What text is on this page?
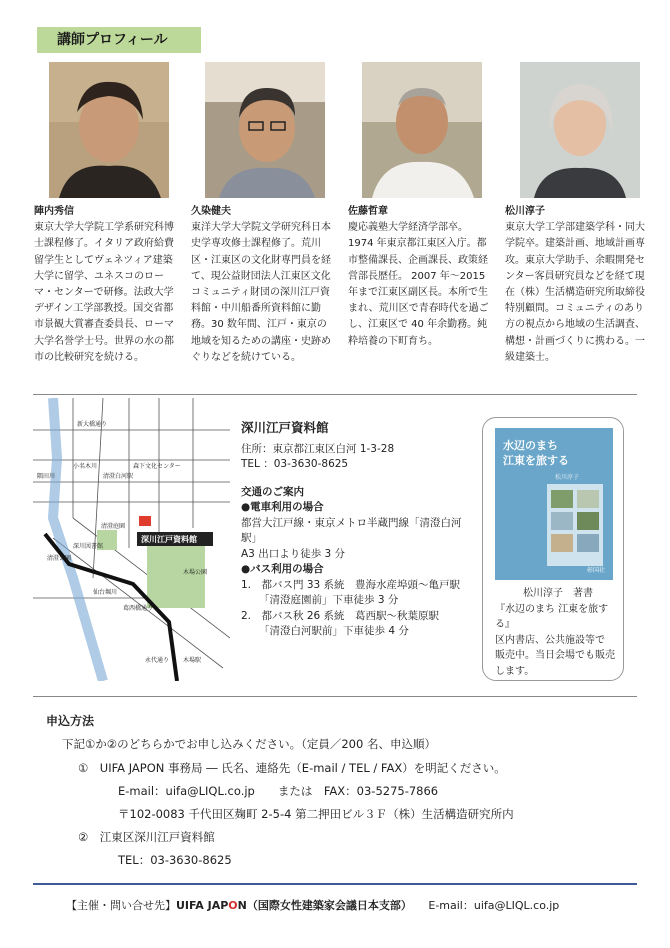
講師プロフィール
陣内秀信
東京大学大学院工学系研究科博士課程修了。イタリア政府給費留学生としてヴェネツィア建築大学に留学、ユネスコのローマ・センターで研修。法政大学デザイン工学部教授。国交省都市景観大賞審査委員長、ローマ大学名誉学士号。世界の水の都市の比較研究を続ける。
久染健夫
東洋大学大学院文学研究科日本史学専攻修士課程修了。荒川区・江東区の文化財専門員を経て、現公益財団法人江東区文化コミュニティ財団の深川江戸資料館・中川船番所資料館に勤務。30 数年間、江戸・東京の地域を知るための講座・史跡めぐりなどを続けている。
佐藤哲章
慶応義塾大学経済学部卒。 1974 年東京都江東区入庁。都市整備課長、企画課長、政策経営部長歴任。 2007 年～2015 年まで江東区副区長。本所で生まれ、荒川区で青春時代を過ごし、江東区で 40 年余勤務。純粋培養の下町育ち。
松川淳子
東京大学工学部建築学科・同大学院卒。建築計画、地域計画専攻。東京大学助手、余暇開発センター客員研究員などを経て現在（株）生活構造研究所取締役特別顧問。コミュニティのあり方の視点から地域の生活調査、構想・計画づくりに携わる。一級建築士。
深川江戸資料館
新大橋通り
隅田川
小名木川
清澄白河駅
森下文化センター
清澄庭園
清澄公園
深川図書館
仙台堀川
葛西橋通り
木場公園
永代通り 木場駅
深川江戸資料館
住所：東京都江東区白河 1-3-28
TEL ：03-3630-8625
交通のご案内
●電車利用の場合
都営大江戸線・東京メトロ半蔵門線「清澄白河駅」
A3 出口より徒歩 3 分
●バス利用の場合
1.　都バス門 33 系統　豊海水産埠頭～亀戸駅
「清澄庭園前」下車徒歩 3 分
2.　都バス秋 26 系統　葛西駅～秋葉原駅
「清澄白河駅前」下車徒歩 4 分
水辺のまち
江東を旅する
松川淳子
彰国社
松川淳子　著書
『水辺のまち 江東を旅する』
区内書店、公共施設等で
販売中。当日会場でも販売
します。
申込方法
下記①か②のどちらかでお申し込みください。（定員／200 名、申込順）
①　UIFA JAPON 事務局 ― 氏名、連絡先（E-mail / TEL / FAX）を明記ください。
E-mail：uifa@LIQL.co.jp　　または　FAX：03-5275-7866
〒102-0083 千代田区麹町 2-5-4 第二押田ビル３Ｆ（株）生活構造研究所内
②　江東区深川江戸資料館
TEL：03-3630-8625
【主催・問い合せ先】UIFA JAPON（国際女性建築家会議日本支部）　　 E-mail：uifa@LIQL.co.jp
